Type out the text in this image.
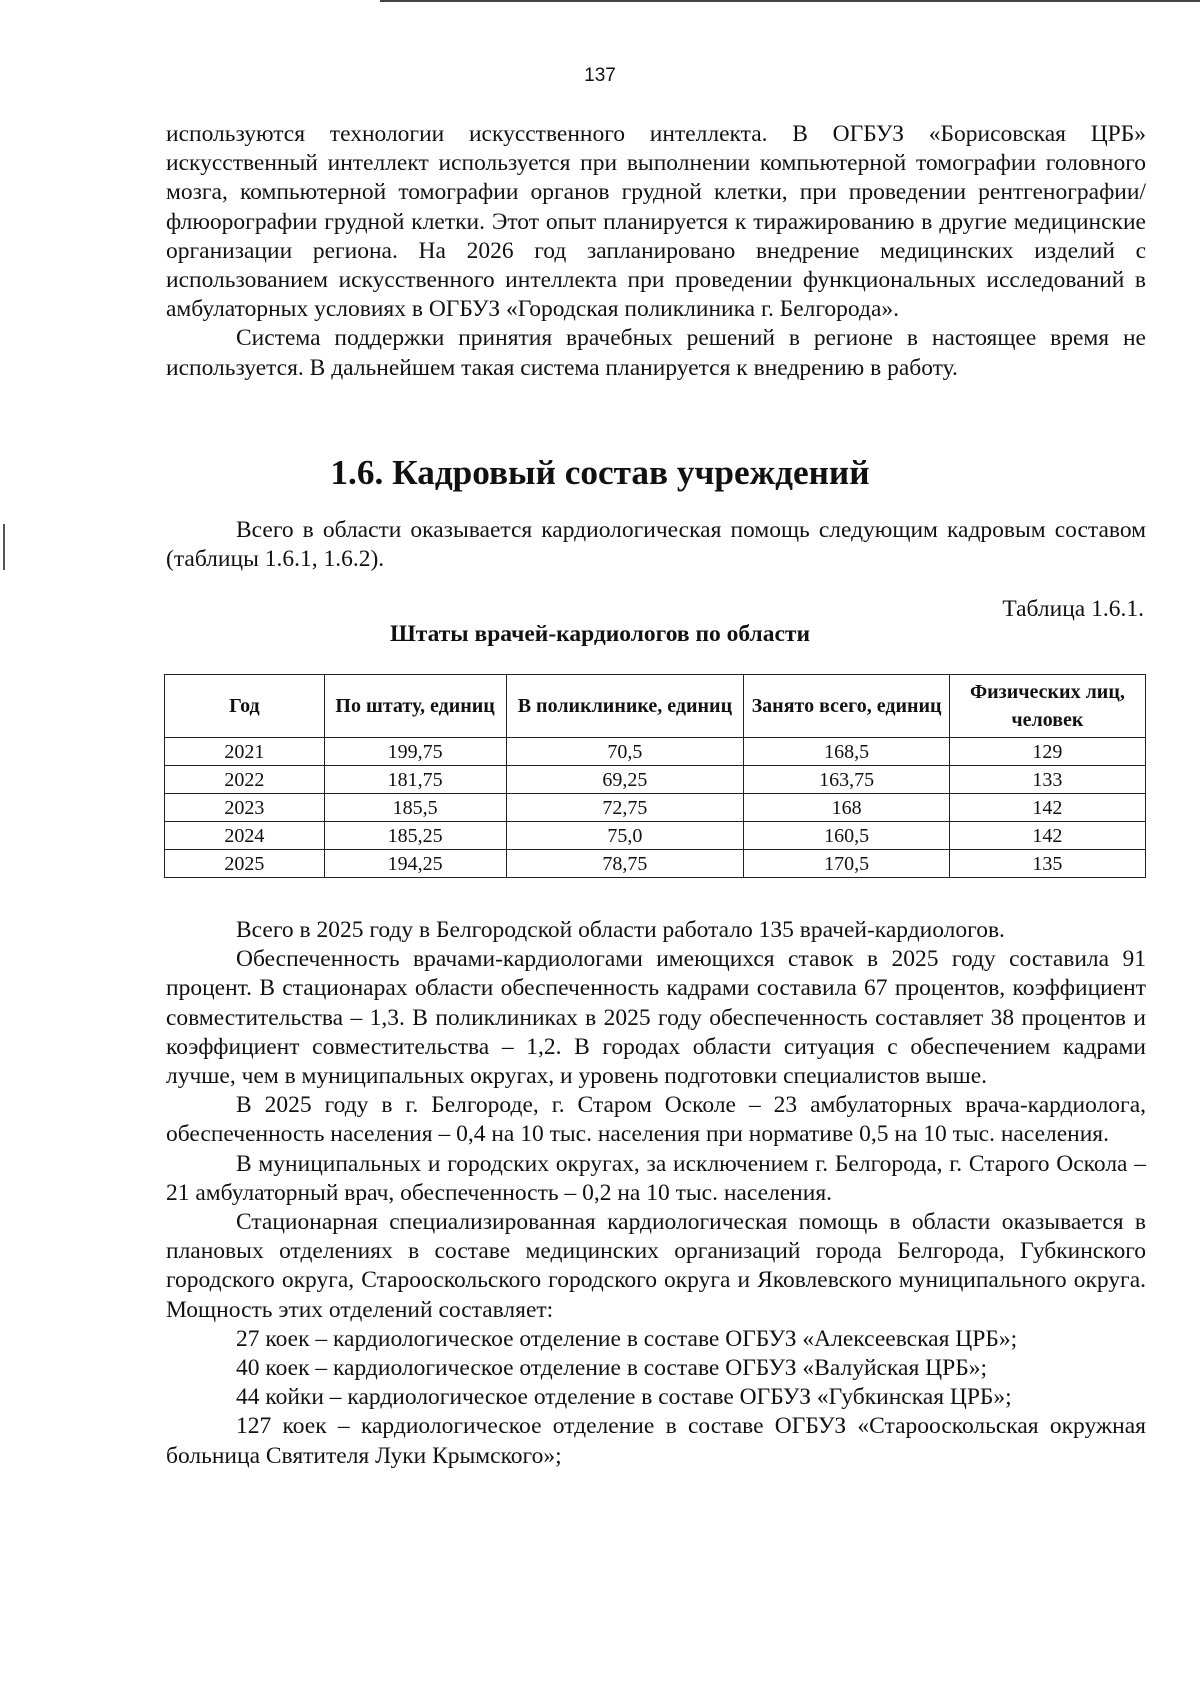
137

используются технологии искусственного интеллекта. В ОГБУЗ «Борисовская ЦРБ» искусственный интеллект используется при выполнении компьютерной томографии головного мозга, компьютерной томографии органов грудной клетки, при проведении рентгенографии/ флюорографии грудной клетки. Этот опыт планируется к тиражированию в другие медицинские организации региона. На 2026 год запланировано внедрение медицинских изделий с использованием искусственного интеллекта при проведении функциональных исследований в амбулаторных условиях в ОГБУЗ «Городская поликлиника г. Белгорода».

Система поддержки принятия врачебных решений в регионе в настоящее время не используется. В дальнейшем такая система планируется к внедрению в работу.

1.6. Кадровый состав учреждений

Всего в области оказывается кардиологическая помощь следующим кадровым составом (таблицы 1.6.1, 1.6.2).

Таблица 1.6.1.

Штаты врачей-кардиологов по области

Год	По штату, единиц	В поликлинике, единиц	Занято всего, единиц	Физических лиц, человек
2021	199,75	70,5	168,5	129
2022	181,75	69,25	163,75	133
2023	185,5	72,75	168	142
2024	185,25	75,0	160,5	142
2025	194,25	78,75	170,5	135

Всего в 2025 году в Белгородской области работало 135 врачей-кардиологов.

Обеспеченность врачами-кардиологами имеющихся ставок в 2025 году составила 91 процент. В стационарах области обеспеченность кадрами составила 67 процентов, коэффициент совместительства – 1,3. В поликлиниках в 2025 году обеспеченность составляет 38 процентов и коэффициент совместительства – 1,2. В городах области ситуация с обеспечением кадрами лучше, чем в муниципальных округах, и уровень подготовки специалистов выше.

В 2025 году в г. Белгороде, г. Старом Осколе – 23 амбулаторных врача-кардиолога, обеспеченность населения – 0,4 на 10 тыс. населения при нормативе 0,5 на 10 тыс. населения.

В муниципальных и городских округах, за исключением г. Белгорода, г. Старого Оскола – 21 амбулаторный врач, обеспеченность – 0,2 на 10 тыс. населения.

Стационарная специализированная кардиологическая помощь в области оказывается в плановых отделениях в составе медицинских организаций города Белгорода, Губкинского городского округа, Старооскольского городского округа и Яковлевского муниципального округа. Мощность этих отделений составляет:

27 коек – кардиологическое отделение в составе ОГБУЗ «Алексеевская ЦРБ»;

40 коек – кардиологическое отделение в составе ОГБУЗ «Валуйская ЦРБ»;

44 койки – кардиологическое отделение в составе ОГБУЗ «Губкинская ЦРБ»;

127 коек – кардиологическое отделение в составе ОГБУЗ «Старооскольская окружная больница Святителя Луки Крымского»;
